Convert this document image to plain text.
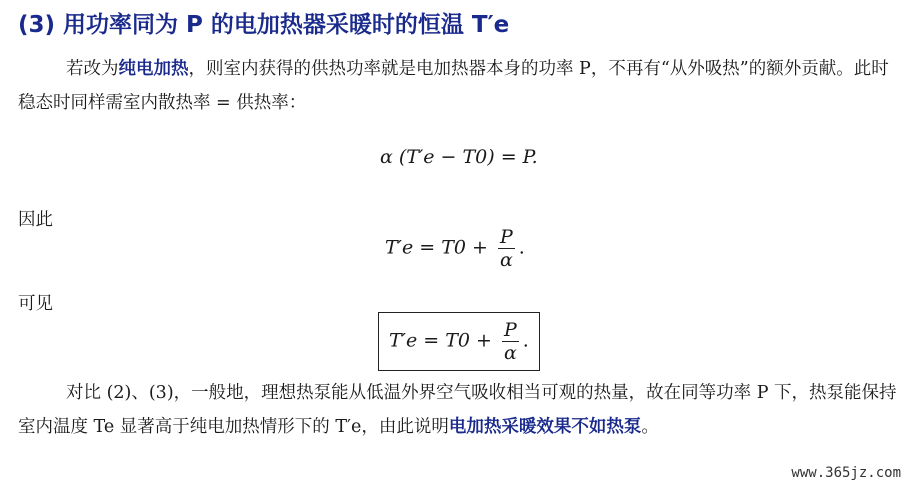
(3) 用功率同为 P 的电加热器采暖时的恒温 T′e
若改为纯电加热，则室内获得的供热功率就是电加热器本身的功率 P，不再有“从外吸热”的额外贡献。此时稳态时同样需室内散热率 = 供热率：
α (T′e − T0) = P.
因此
$T'e = T0 + \frac{P}{\alpha}$ .
可见
$T'e = T0 + \frac{P}{\alpha}$ .
对比 (2)、(3)，一般地，理想热泵能从低温外界空气吸收相当可观的热量，故在同等功率 P 下，热泵能保持室内温度 Te 显著高于纯电加热情形下的 T′e，由此说明电加热采暖效果不如热泵。
www.365jz.com
